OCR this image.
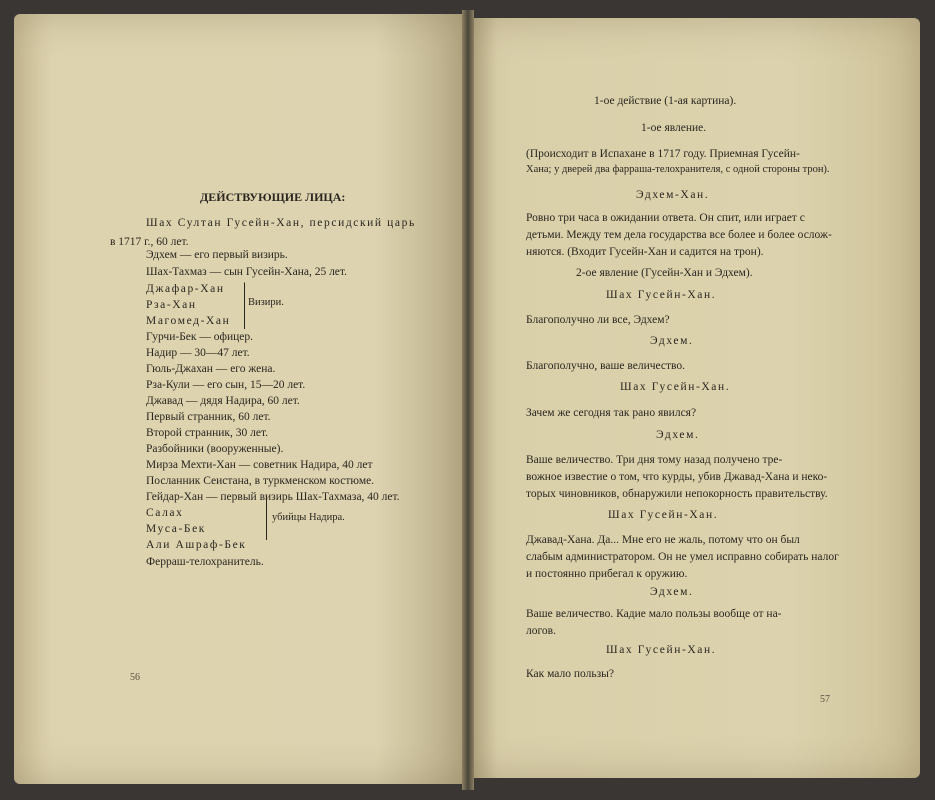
ДЕЙСТВУЮЩИЕ ЛИЦА:
Шах Султан Гусейн-Хан, персидский царь
в 1717 г., 60 лет.
Эдхем — его первый визирь.
Шах-Тахмаз — сын Гусейн-Хана, 25 лет.
Джафар-Хан
Рза-Хан
Магомед-Хан
Визири.
Гурчи-Бек — офицер.
Надир — 30—47 лет.
Гюль-Джахан — его жена.
Рза-Кули — его сын, 15—20 лет.
Джавад — дядя Надира, 60 лет.
Первый странник, 60 лет.
Второй странник, 30 лет.
Разбойники (вооруженные).
Мирза Мехти-Хан — советник Надира, 40 лет
Посланник Сеистана, в туркменском костюме.
Гейдар-Хан — первый визирь Шах-Тахмаза, 40 лет.
Салах
Муса-Бек
Али Ашраф-Бек
убийцы Надира.
Ферраш-телохранитель.
56
1-ое действие (1-ая картина).
1-ое явление.
(Происходит в Испахане в 1717 году. Приемная Гусейн-
Хана; у дверей два фарраша-телохранителя, с одной стороны трон).
Эдхем-Хан.
Ровно три часа в ожидании ответа. Он спит, или играет с
детьми. Между тем дела государства все более и более ослож-
няются. (Входит Гусейн-Хан и садится на трон).
2-ое явление (Гусейн-Хан и Эдхем).
Шах Гусейн-Хан.
Благополучно ли все, Эдхем?
Эдхем.
Благополучно, ваше величество.
Шах Гусейн-Хан.
Зачем же сегодня так рано явился?
Эдхем.
Ваше величество. Три дня тому назад получено тре-
вожное известие о том, что курды, убив Джавад-Хана и неко-
торых чиновников, обнаружили непокорность правительству.
Шах Гусейн-Хан.
Джавад-Хана. Да... Мне его не жаль, потому что он был
слабым администратором. Он не умел исправно собирать налог
и постоянно прибегал к оружию.
Эдхем.
Ваше величество. Кадие мало пользы вообще от на-
логов.
Шах Гусейн-Хан.
Как мало пользы?
57
